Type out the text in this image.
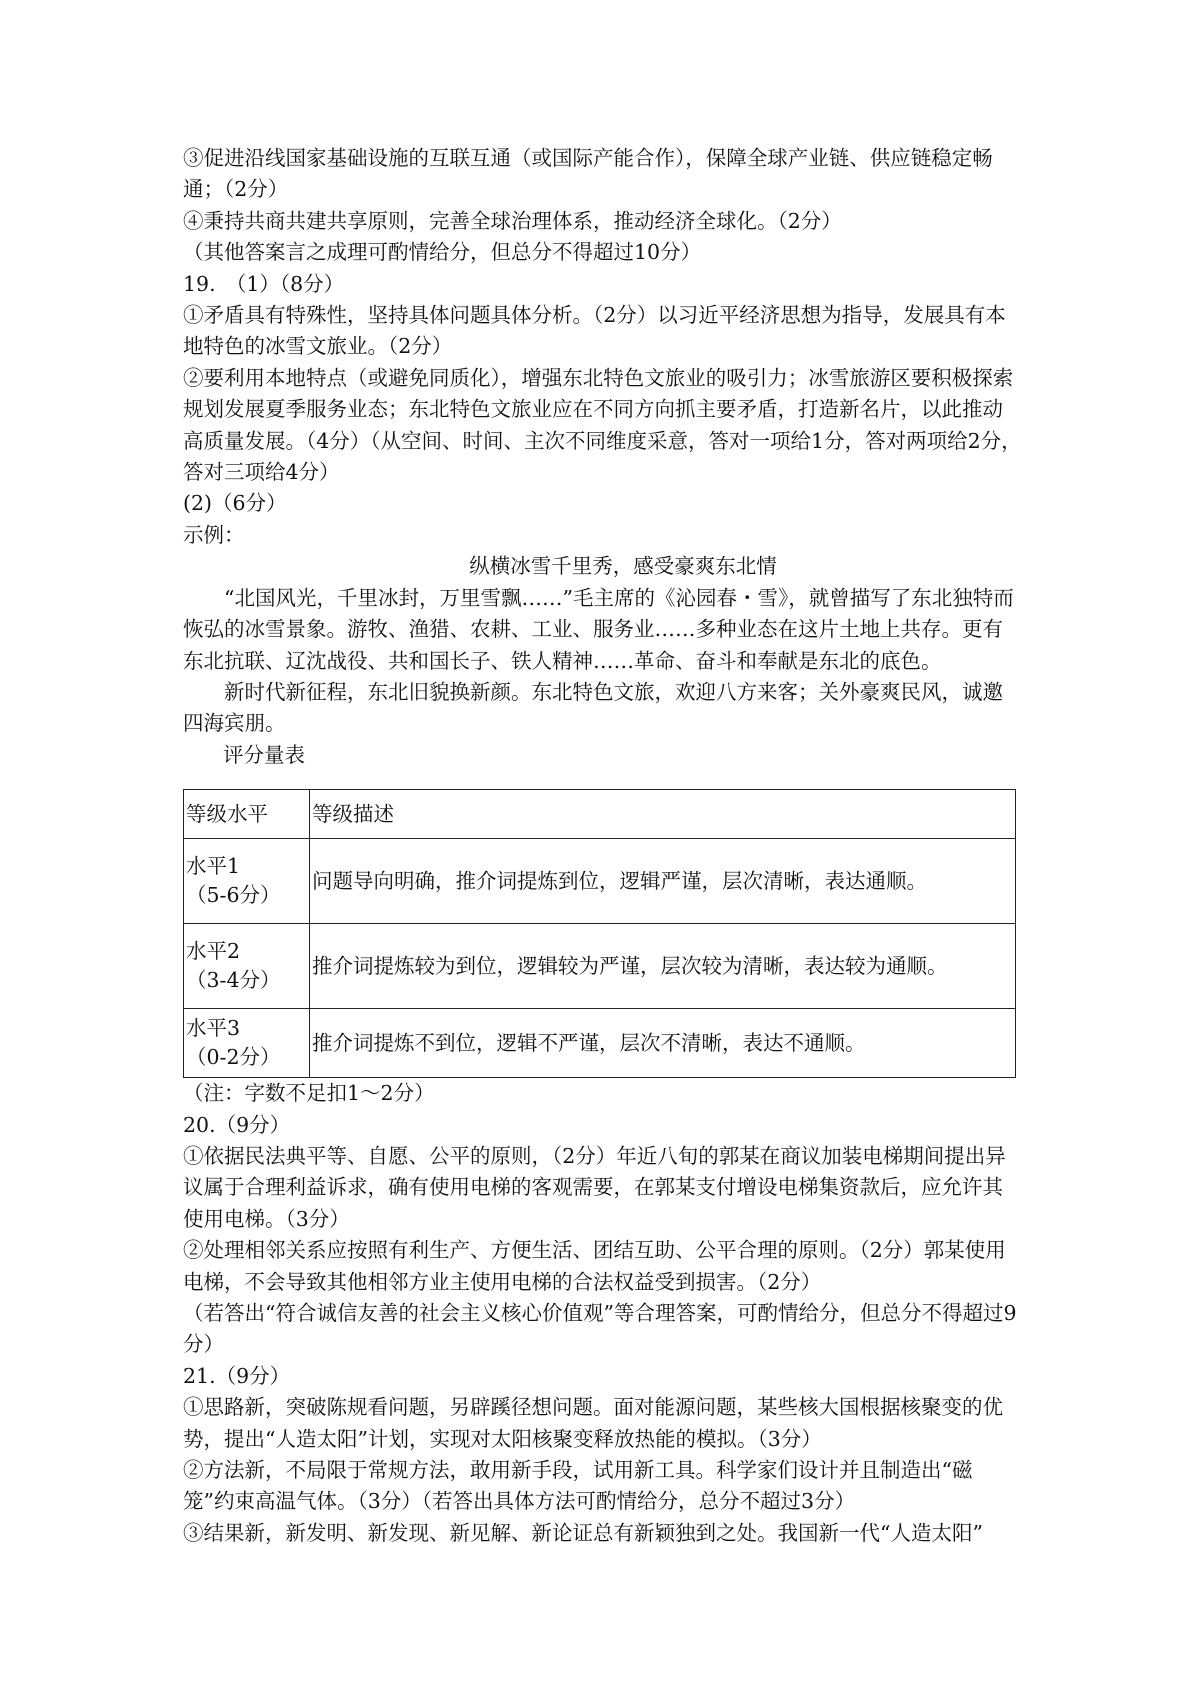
③促进沿线国家基础设施的互联互通（或国际产能合作），保障全球产业链、供应链稳定畅通；（2分）

④秉持共商共建共享原则，完善全球治理体系，推动经济全球化。（2分）

（其他答案言之成理可酌情给分，但总分不得超过10分）

19.　（1）（8分）

①矛盾具有特殊性，坚持具体问题具体分析。（2分）以习近平经济思想为指导，发展具有本地特色的冰雪文旅业。（2分）

②要利用本地特点（或避免同质化），增强东北特色文旅业的吸引力；冰雪旅游区要积极探索规划发展夏季服务业态；东北特色文旅业应在不同方向抓主要矛盾，打造新名片，以此推动高质量发展。（4分）（从空间、时间、主次不同维度采意，答对一项给1分，答对两项给2分，答对三项给4分）

(2)（6分）

示例：

纵横冰雪千里秀，感受豪爽东北情

“北国风光，千里冰封，万里雪飘……”毛主席的《沁园春・雪》，就曾描写了东北独特而恢弘的冰雪景象。游牧、渔猎、农耕、工业、服务业……多种业态在这片土地上共存。更有东北抗联、辽沈战役、共和国长子、铁人精神……革命、奋斗和奉献是东北的底色。

新时代新征程，东北旧貌换新颜。东北特色文旅，欢迎八方来客；关外豪爽民风，诚邀四海宾朋。

评分量表

等级水平	等级描述

水平1
（5-6分）	问题导向明确，推介词提炼到位，逻辑严谨，层次清晰，表达通顺。

水平2
（3-4分）	推介词提炼较为到位，逻辑较为严谨，层次较为清晰，表达较为通顺。

水平3
（0-2分）	推介词提炼不到位，逻辑不严谨，层次不清晰，表达不通顺。

（注：字数不足扣1～2分）

20.（9分）

①依据民法典平等、自愿、公平的原则，（2分）年近八旬的郭某在商议加装电梯期间提出异议属于合理利益诉求，确有使用电梯的客观需要，在郭某支付增设电梯集资款后，应允许其使用电梯。（3分）

②处理相邻关系应按照有利生产、方便生活、团结互助、公平合理的原则。（2分）郭某使用电梯，不会导致其他相邻方业主使用电梯的合法权益受到损害。（2分）

（若答出“符合诚信友善的社会主义核心价值观”等合理答案，可酌情给分，但总分不得超过9分）

21.（9分）

①思路新，突破陈规看问题，另辟蹊径想问题。面对能源问题，某些核大国根据核聚变的优势，提出“人造太阳”计划，实现对太阳核聚变释放热能的模拟。（3分）

②方法新，不局限于常规方法，敢用新手段，试用新工具。科学家们设计并且制造出“磁笼”约束高温气体。（3分）（若答出具体方法可酌情给分，总分不超过3分）

③结果新，新发明、新发现、新见解、新论证总有新颖独到之处。我国新一代“人造太阳”
